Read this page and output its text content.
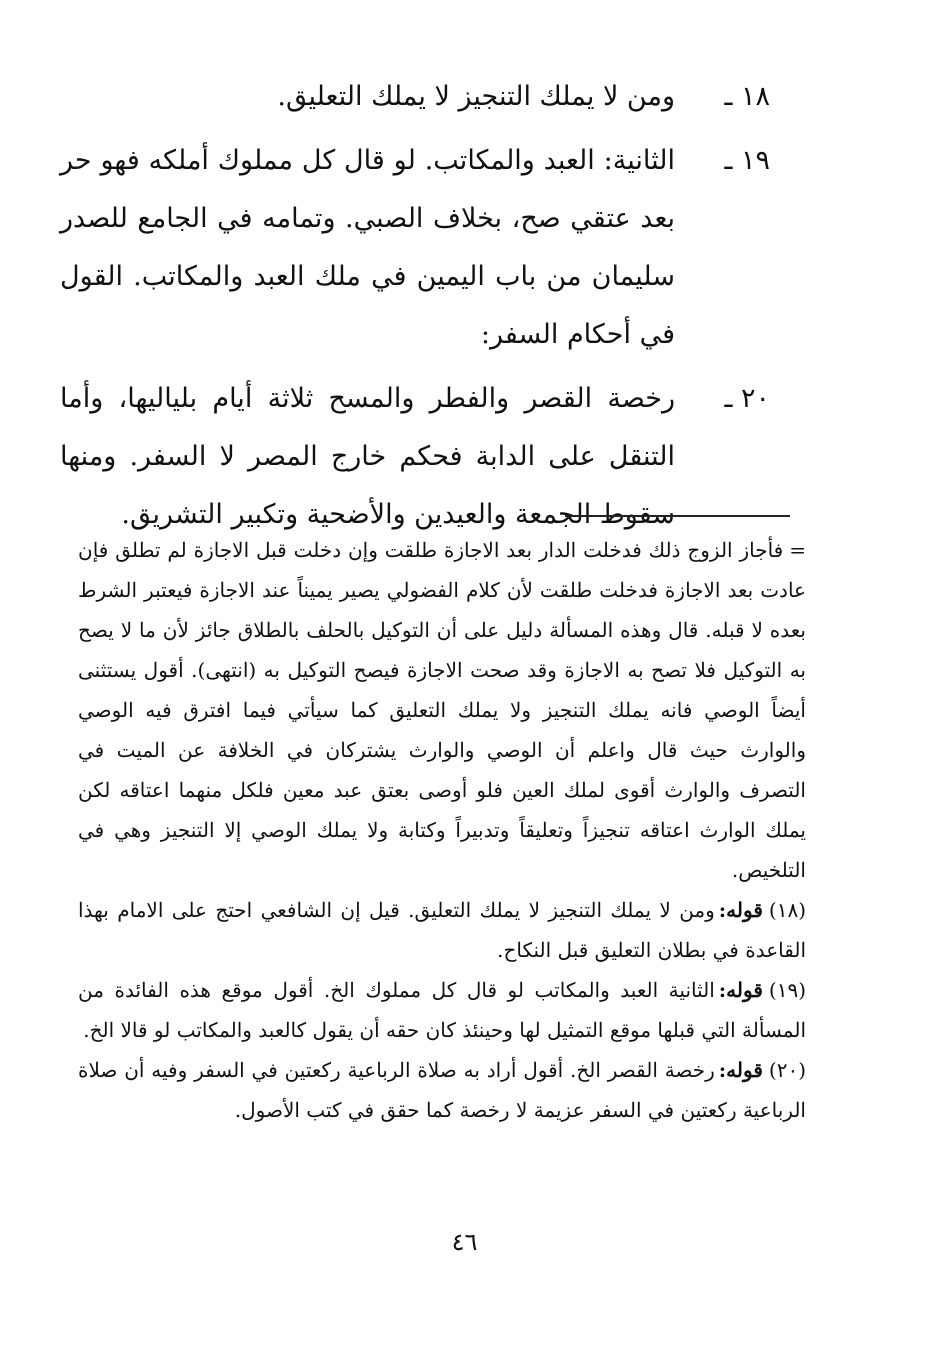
١٨ ـ

ومن لا يملك التنجيز لا يملك التعليق.

١٩ ـ

الثانية: العبد والمكاتب. لو قال كل مملوك أملكه فهو حر بعد عتقي صح، بخلاف الصبي. وتمامه في الجامع للصدر سليمان من باب اليمين في ملك العبد والمكاتب. القول في أحكام السفر:

٢٠ ـ

رخصة القصر والفطر والمسح ثلاثة أيام بلياليها، وأما التنقل على الدابة فحكم خارج المصر لا السفر. ومنها سقوط الجمعة والعيدين والأضحية وتكبير التشريق.

=فأجاز الزوج ذلك فدخلت الدار بعد الاجازة طلقت وإن دخلت قبل الاجازة لم تطلق فإن عادت بعد الاجازة فدخلت طلقت لأن كلام الفضولي يصير يميناً عند الاجازة فيعتبر الشرط بعده لا قبله. قال وهذه المسألة دليل على أن التوكيل بالحلف بالطلاق جائز لأن ما لا يصح به التوكيل فلا تصح به الاجازة وقد صحت الاجازة فيصح التوكيل به (انتهى). أقول يستثنى أيضاً الوصي فانه يملك التنجيز ولا يملك التعليق كما سيأتي فيما افترق فيه الوصي والوارث حيث قال واعلم أن الوصي والوارث يشتركان في الخلافة عن الميت في التصرف والوارث أقوى لملك العين فلو أوصى بعتق عبد معين فلكل منهما اعتاقه لكن يملك الوارث اعتاقه تنجيزاً وتعليقاً وتدبيراً وكتابة ولا يملك الوصي إلا التنجيز وهي في التلخيص.

(١٨)قوله:ومن لا يملك التنجيز لا يملك التعليق. قيل إن الشافعي احتج على الامام بهذا القاعدة في بطلان التعليق قبل النكاح.

(١٩)قوله:الثانية العبد والمكاتب لو قال كل مملوك الخ. أقول موقع هذه الفائدة من المسألة التي قبلها موقع التمثيل لها وحينئذ كان حقه أن يقول كالعبد والمكاتب لو قالا الخ.

(٢٠)قوله:رخصة القصر الخ. أقول أراد به صلاة الرباعية ركعتين في السفر وفيه أن صلاة الرباعية ركعتين في السفر عزيمة لا رخصة كما حقق في كتب الأصول.

٤٦
